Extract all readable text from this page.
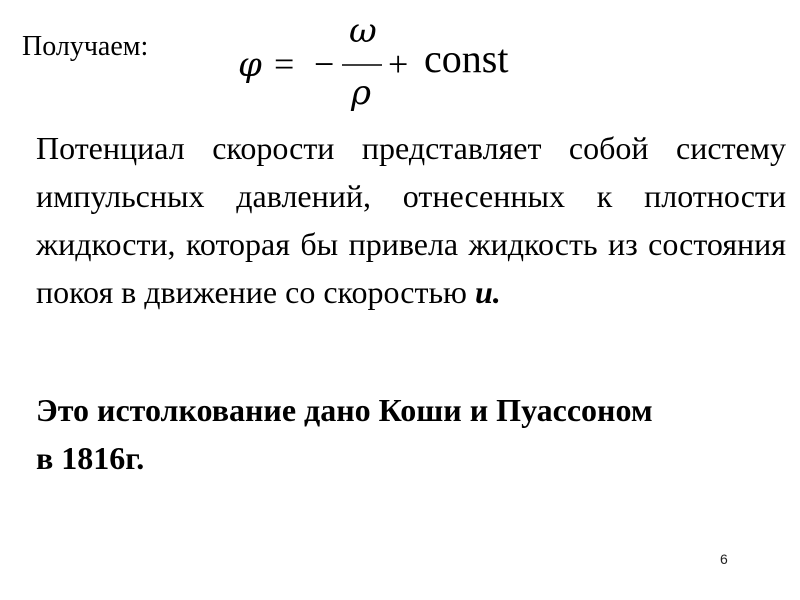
Получаем:	φ = −
ω
ρ
+ const

Потенциал скорости представляет собой систему импульсных давлений, отнесенных к плотности жидкости, которая бы привела жидкость из состояния покоя в движение со скоростью u.

Это истолкование дано Коши и Пуассоном в 1816г.

6
